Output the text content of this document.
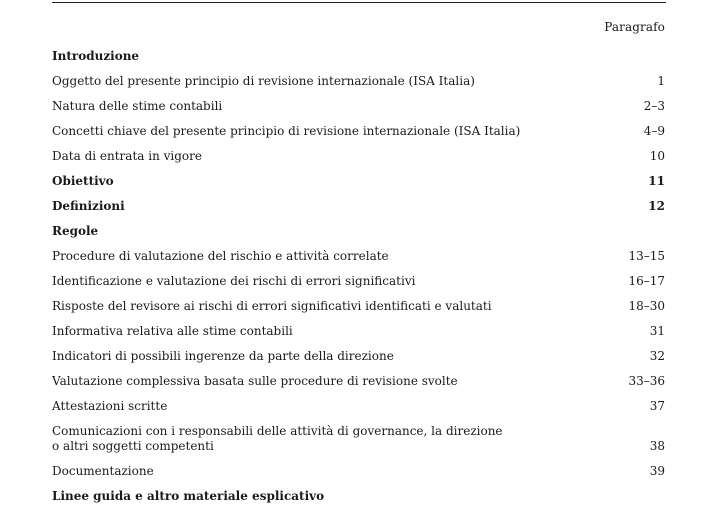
Paragrafo
Introduzione
Oggetto del presente principio di revisione internazionale (ISA Italia)	1
Natura delle stime contabili	2–3
Concetti chiave del presente principio di revisione internazionale (ISA Italia)	4–9
Data di entrata in vigore	10
Obiettivo	11
Definizioni	12
Regole
Procedure di valutazione del rischio e attività correlate	13–15
Identificazione e valutazione dei rischi di errori significativi	16–17
Risposte del revisore ai rischi di errori significativi identificati e valutati	18–30
Informativa relativa alle stime contabili	31
Indicatori di possibili ingerenze da parte della direzione	32
Valutazione complessiva basata sulle procedure di revisione svolte	33–36
Attestazioni scritte	37
Comunicazioni con i responsabili delle attività di governance, la direzione
o altri soggetti competenti	38
Documentazione	39
Linee guida e altro materiale esplicativo
